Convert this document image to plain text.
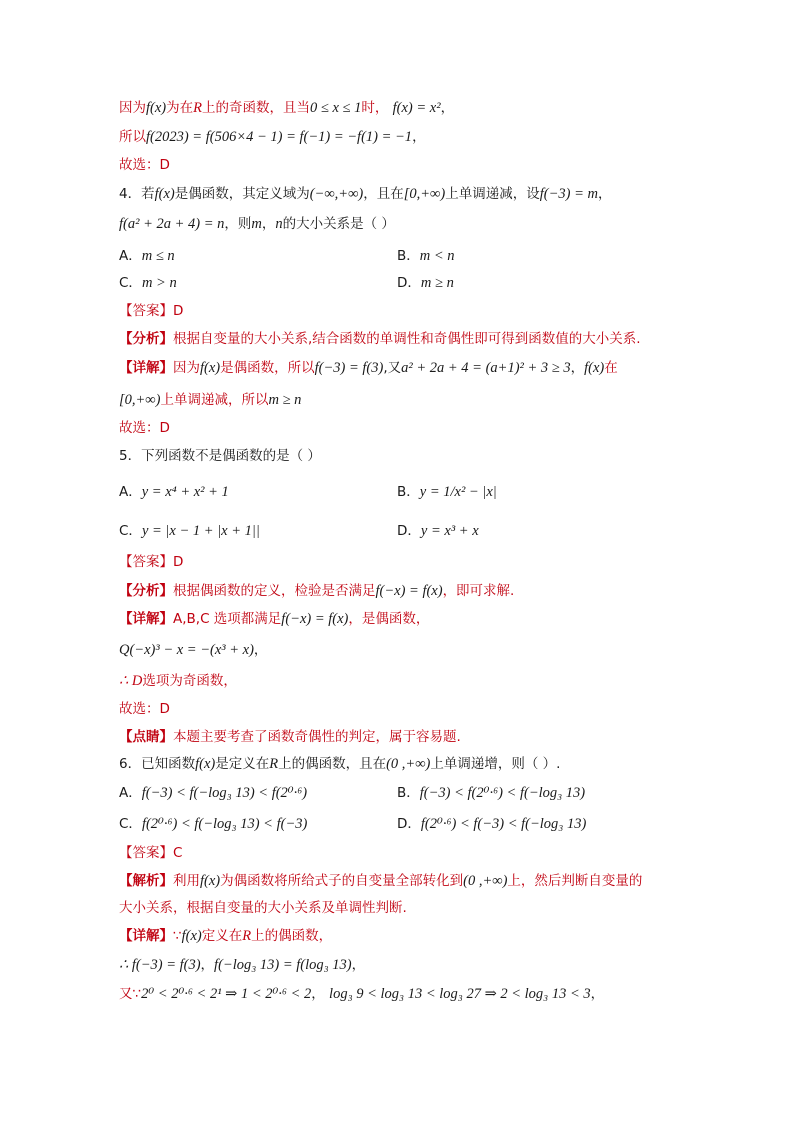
因为f(x)为在R上的奇函数，且当0 ≤ x ≤ 1时， f(x) = x²，
所以f(2023) = f(506×4 − 1) = f(−1) = −f(1) = −1，
故选：D
4．若f(x)是偶函数，其定义域为(−∞,+∞)，且在[0,+∞)上单调递减，设f(−3) = m，
f(a² + 2a + 4) = n，则m，n的大小关系是（ ）
A．m ≤ n	B．m < n
C．m > n	D．m ≥ n
【答案】D
【分析】根据自变量的大小关系,结合函数的单调性和奇偶性即可得到函数值的大小关系.
【详解】因为f(x)是偶函数，所以f(−3) = f(3),又a² + 2a + 4 = (a+1)² + 3 ≥ 3，f(x)在
[0,+∞)上单调递减，所以m ≥ n
故选：D
5．下列函数不是偶函数的是（ ）
A．y = x⁴ + x² + 1	B．y = 1/x² − |x|
C．y = |x − 1 + |x + 1||	D．y = x³ + x
【答案】D
【分析】根据偶函数的定义，检验是否满足f(−x) = f(x)，即可求解.
【详解】A,B,C 选项都满足f(−x) = f(x)，是偶函数，
Q(−x)³ − x = −(x³ + x)，
∴ D选项为奇函数，
故选：D
【点睛】本题主要考查了函数奇偶性的判定，属于容易题.
6．已知函数f(x)是定义在R上的偶函数，且在(0 ,+∞)上单调递增，则（ ）.
A．f(−3) < f(−log₃ 13) < f(2⁰·⁶)	B．f(−3) < f(2⁰·⁶) < f(−log₃ 13)
C．f(2⁰·⁶) < f(−log₃ 13) < f(−3)	D．f(2⁰·⁶) < f(−3) < f(−log₃ 13)
【答案】C
【解析】利用f(x)为偶函数将所给式子的自变量全部转化到(0 ,+∞)上，然后判断自变量的
大小关系，根据自变量的大小关系及单调性判断.
【详解】∵f(x)定义在R上的偶函数，
∴ f(−3) = f(3)，f(−log₃ 13) = f(log₃ 13)，
又∵2⁰ < 2⁰·⁶ < 2¹ ⇒ 1 < 2⁰·⁶ < 2， log₃ 9 < log₃ 13 < log₃ 27 ⇒ 2 < log₃ 13 < 3，
